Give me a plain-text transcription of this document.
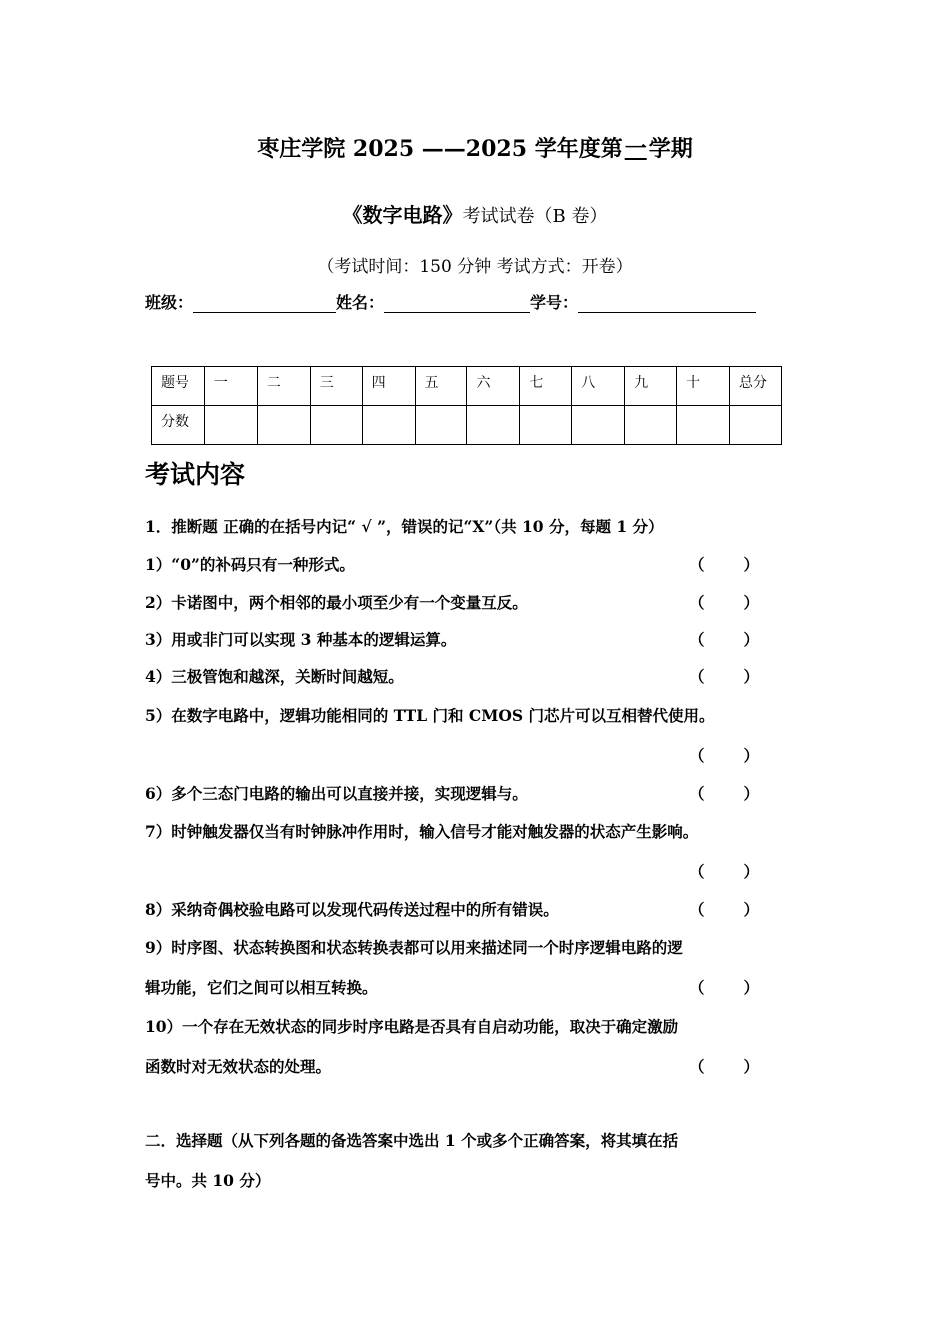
枣庄学院 2025 ——2025 学年度第一学期
《数字电路》考试试卷（B 卷）
（考试时间：150 分钟 考试方式：开卷）
班级：	姓名：	学号：
题号	一	二	三	四	五	六	七	八	九	十	总分
分数											
考试内容
1．推断题 正确的在括号内记“ √ ”，错误的记“X”（共 10 分，每题 1 分）
1）“0”的补码只有一种形式。	（	）
2）卡诺图中，两个相邻的最小项至少有一个变量互反。	（	）
3）用或非门可以实现 3 种基本的逻辑运算。	（	）
4）三极管饱和越深，关断时间越短。	（	）
5）在数字电路中，逻辑功能相同的 TTL 门和 CMOS 门芯片可以互相替代使用。
（	）
6）多个三态门电路的输出可以直接并接，实现逻辑与。	（	）
7）时钟触发器仅当有时钟脉冲作用时，输入信号才能对触发器的状态产生影响。
（	）
8）采纳奇偶校验电路可以发现代码传送过程中的所有错误。	（	）
9）时序图、状态转换图和状态转换表都可以用来描述同一个时序逻辑电路的逻
辑功能，它们之间可以相互转换。	（	）
10）一个存在无效状态的同步时序电路是否具有自启动功能，取决于确定激励
函数时对无效状态的处理。	（	）
二．选择题（从下列各题的备选答案中选出 1 个或多个正确答案，将其填在括
号中。共 10 分）
